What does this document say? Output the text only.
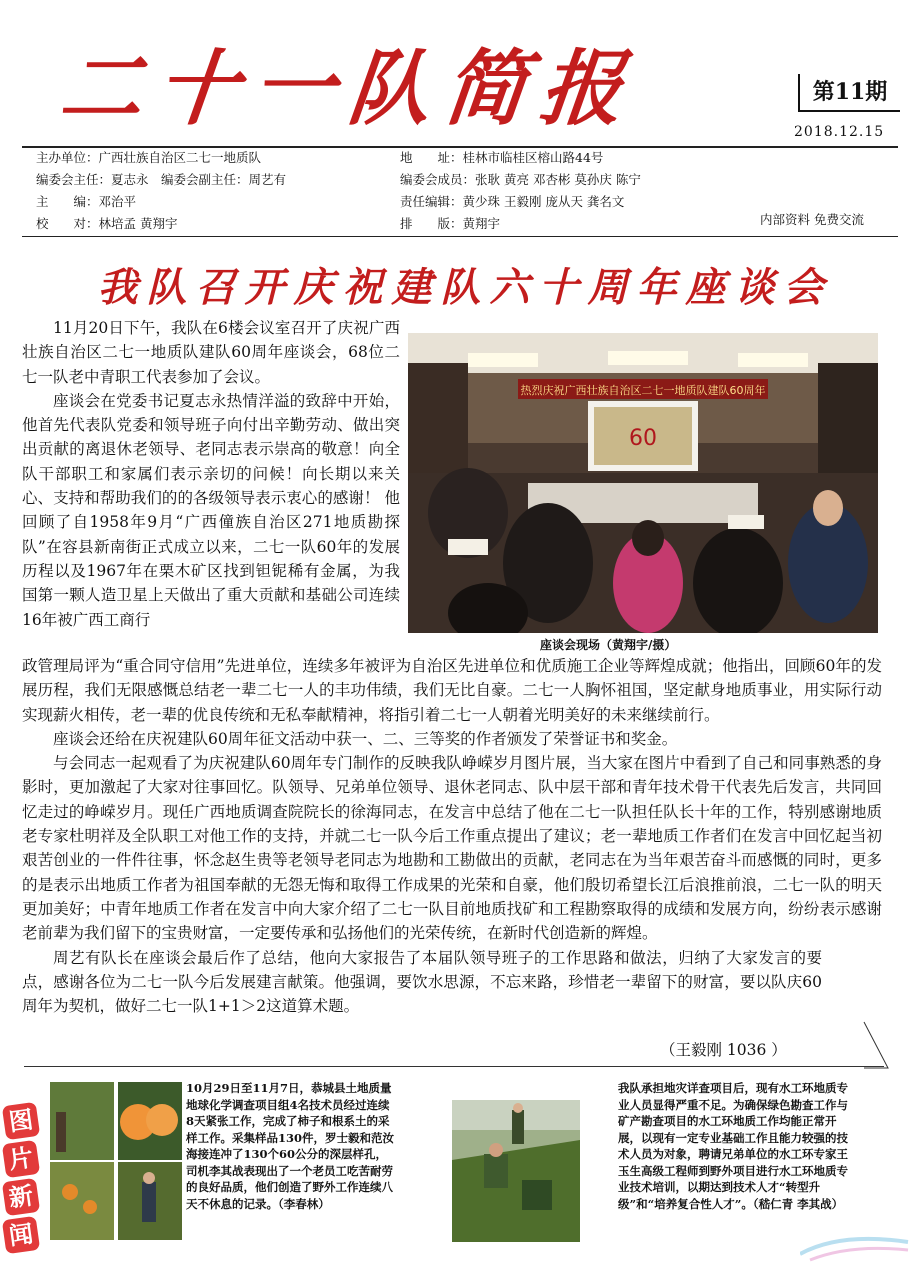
二十一队简报	第11期
2018.12.15
主办单位：广西壮族自治区二七一地质队
编委会主任：夏志永　编委会副主任：周艺有
主　　编：邓治平
校　　对：林培孟 黄翔宇
地　　址：桂林市临桂区榕山路44号
编委会成员：张耿 黄亮 邓杏彬 莫孙庆 陈宁
责任编辑：黄少珠 王毅刚 庞从天 龚名文
排　　版：黄翔宇	内部资料 免费交流
我队召开庆祝建队六十周年座谈会
11月20日下午，我队在6楼会议室召开了庆祝广西壮族自治区二七一地质队建队60周年座谈会，68位二七一队老中青职工代表参加了会议。
座谈会在党委书记夏志永热情洋溢的致辞中开始，他首先代表队党委和领导班子向付出辛勤劳动、做出突出贡献的离退休老领导、老同志表示崇高的敬意！向全队干部职工和家属们表示亲切的问候！向长期以来关心、支持和帮助我们的的各级领导表示衷心的感谢！ 他回顾了自1958年9月“广西僮族自治区271地质勘探队”在容县新南街正式成立以来，二七一队60年的发展历程以及1967年在栗木矿区找到钽铌稀有金属，为我国第一颗人造卫星上天做出了重大贡献和基础公司连续16年被广西工商行
热烈庆祝广西壮族自治区二七一地质队建队60周年
60
座谈会现场（黄翔宇/摄）
政管理局评为“重合同守信用”先进单位，连续多年被评为自治区先进单位和优质施工企业等辉煌成就；他指出，回顾60年的发展历程，我们无限感慨总结老一辈二七一人的丰功伟绩，我们无比自豪。二七一人胸怀祖国，坚定献身地质事业，用实际行动实现薪火相传，老一辈的优良传统和无私奉献精神，将指引着二七一人朝着光明美好的未来继续前行。
座谈会还给在庆祝建队60周年征文活动中获一、二、三等奖的作者颁发了荣誉证书和奖金。
与会同志一起观看了为庆祝建队60周年专门制作的反映我队峥嵘岁月图片展，当大家在图片中看到了自己和同事熟悉的身影时，更加激起了大家对往事回忆。队领导、兄弟单位领导、退休老同志、队中层干部和青年技术骨干代表先后发言，共同回忆走过的峥嵘岁月。现任广西地质调查院院长的徐海同志，在发言中总结了他在二七一队担任队长十年的工作，特别感谢地质老专家杜明祥及全队职工对他工作的支持，并就二七一队今后工作重点提出了建议；老一辈地质工作者们在发言中回忆起当初艰苦创业的一件件往事，怀念赵生贵等老领导老同志为地勘和工勘做出的贡献，老同志在为当年艰苦奋斗而感慨的同时，更多的是表示出地质工作者为祖国奉献的无怨无悔和取得工作成果的光荣和自豪，他们殷切希望长江后浪推前浪，二七一队的明天更加美好；中青年地质工作者在发言中向大家介绍了二七一队目前地质找矿和工程勘察取得的成绩和发展方向，纷纷表示感谢老前辈为我们留下的宝贵财富，一定要传承和弘扬他们的光荣传统，在新时代创造新的辉煌。
周艺有队长在座谈会最后作了总结，他向大家报告了本届队领导班子的工作思路和做法，归纳了大家发言的要点，感谢各位为二七一队今后发展建言献策。他强调，要饮水思源，不忘来路，珍惜老一辈留下的财富，要以队庆60周年为契机，做好二七一队1+1＞2这道算术题。
（王毅刚 1036 ）
图
片
新
闻
10月29日至11月7日，恭城县土地质量地球化学调查项目组4名技术员经过连续8天紧张工作，完成了柿子和根系土的采样工作。采集样品130件，罗士毅和范汝海接连冲了130个60公分的深层样孔，司机李其战表现出了一个老员工吃苦耐劳的良好品质，他们创造了野外工作连续八天不休息的记录。（李春林）
我队承担地灾详查项目后，现有水工环地质专业人员显得严重不足。为确保绿色勘查工作与矿产勘查项目的水工环地质工作均能正常开展，以现有一定专业基础工作且能力较强的技术人员为对象，聘请兄弟单位的水工环专家王玉生高级工程师到野外项目进行水工环地质专业技术培训，以期达到技术人才“转型升级”和“培养复合性人才”。（嵇仁青 李其战）
